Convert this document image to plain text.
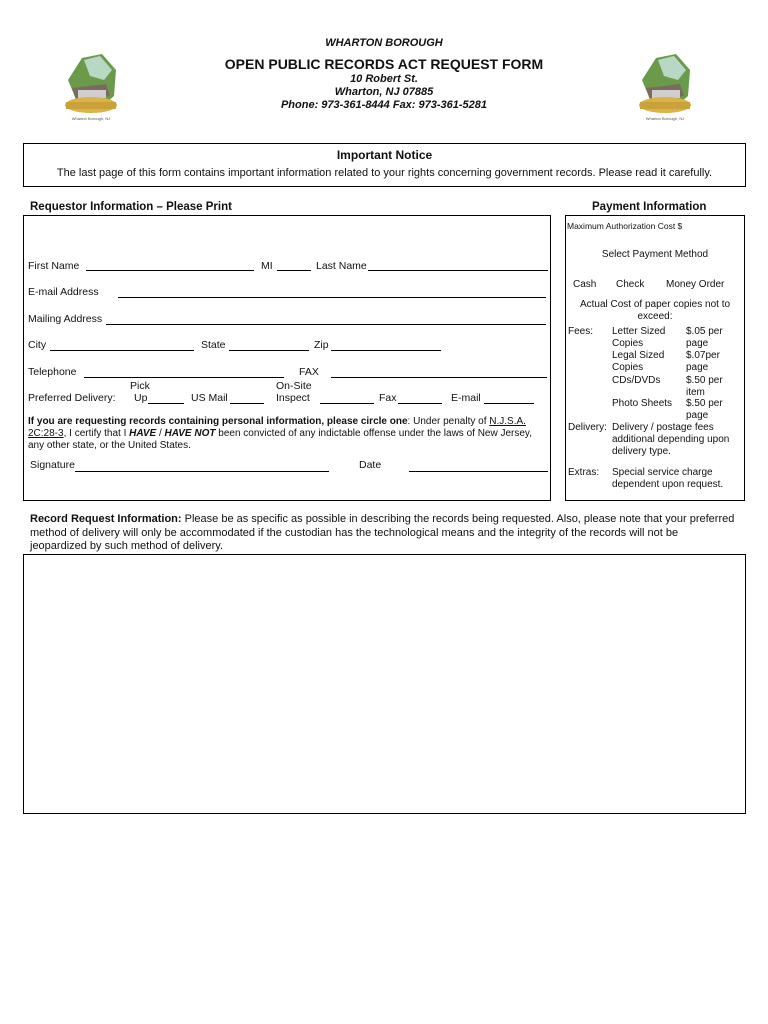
Wharton Borough, NJ	Wharton Borough, NJ
WHARTON BOROUGH
OPEN PUBLIC RECORDS ACT REQUEST FORM
10 Robert St.
Wharton, NJ 07885
Phone: 973-361-8444 Fax: 973-361-5281
Important Notice
The last page of this form contains important information related to your rights concerning government records. Please read it carefully.
Requestor Information – Please Print	Payment Information
First Name	MI	Last Name
E-mail Address
Mailing Address
City	State	Zip
Telephone	FAX
Pick	On-Site
Preferred Delivery: Up	US Mail	Inspect	Fax	E-mail
If you are requesting records containing personal information, please circle one: Under penalty of N.J.S.A. 2C:28-3, I certify that I HAVE / HAVE NOT been convicted of any indictable offense under the laws of New Jersey, any other state, or the United States.
Signature	Date
Maximum Authorization Cost $
Select Payment Method
Cash Check Money Order
Actual Cost of paper copies not to exceed:
Fees: Letter Sized Copies
$.05 per page
Legal Sized Copies
$.07per page
CDs/DVDs	$.50 per item
Photo Sheets	$.50 per page
Delivery: Delivery / postage fees additional depending upon delivery type.
Extras: Special service charge dependent upon request.
Record Request Information: Please be as specific as possible in describing the records being requested. Also, please note that your preferred method of delivery will only be accommodated if the custodian has the technological means and the integrity of the records will not be jeopardized by such method of delivery.
